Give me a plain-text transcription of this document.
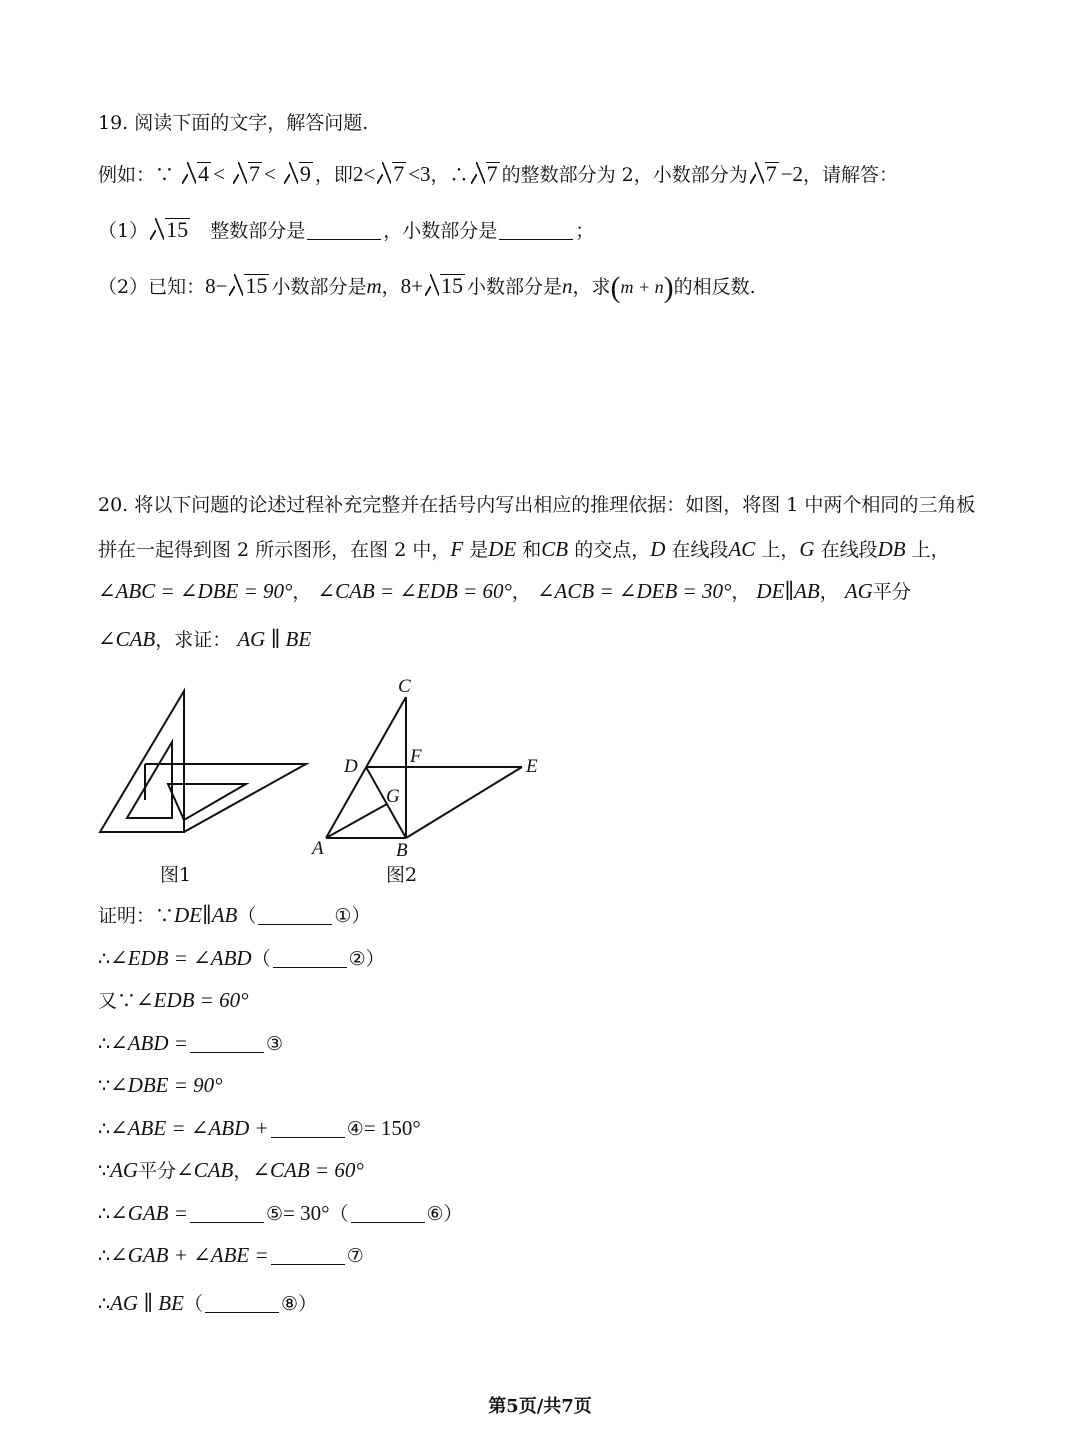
19. 阅读下面的文字，解答问题.
例如：∵ 4 < 7 < 9 ，即2< 7 <3，∴ 7 的整数部分为 2，小数部分为 7 −2，请解答：
（1） 15 整数部分是	，小数部分是	；
（2）已知：8− 15 小数部分是m，8+ 15 小数部分是n，求(m + n)的相反数.
20. 将以下问题的论述过程补充完整并在括号内写出相应的推理依据：如图，将图 1 中两个相同的三角板
拼在一起得到图 2 所示图形，在图 2 中，F 是DE 和CB 的交点，D 在线段AC 上，G 在线段DB 上，
∠ABC = ∠DBE = 90°， ∠CAB = ∠EDB = 60°， ∠ACB = ∠DEB = 30°， DE∥AB， AG平分
∠CAB，求证： AG ∥ BE
C
D	F	E
G
A	B
图1	图2
证明：∵DE∥AB（	①）
∴∠EDB = ∠ABD（	②）
又∵∠EDB = 60°
∴∠ABD =	③
∵∠DBE = 90°
∴∠ABE = ∠ABD +	④= 150°
∵AG平分∠CAB，∠CAB = 60°
∴∠GAB =	⑤= 30°（	⑥）
∴∠GAB + ∠ABE =	⑦
∴AG ∥ BE（	⑧）
第5页/共7页
